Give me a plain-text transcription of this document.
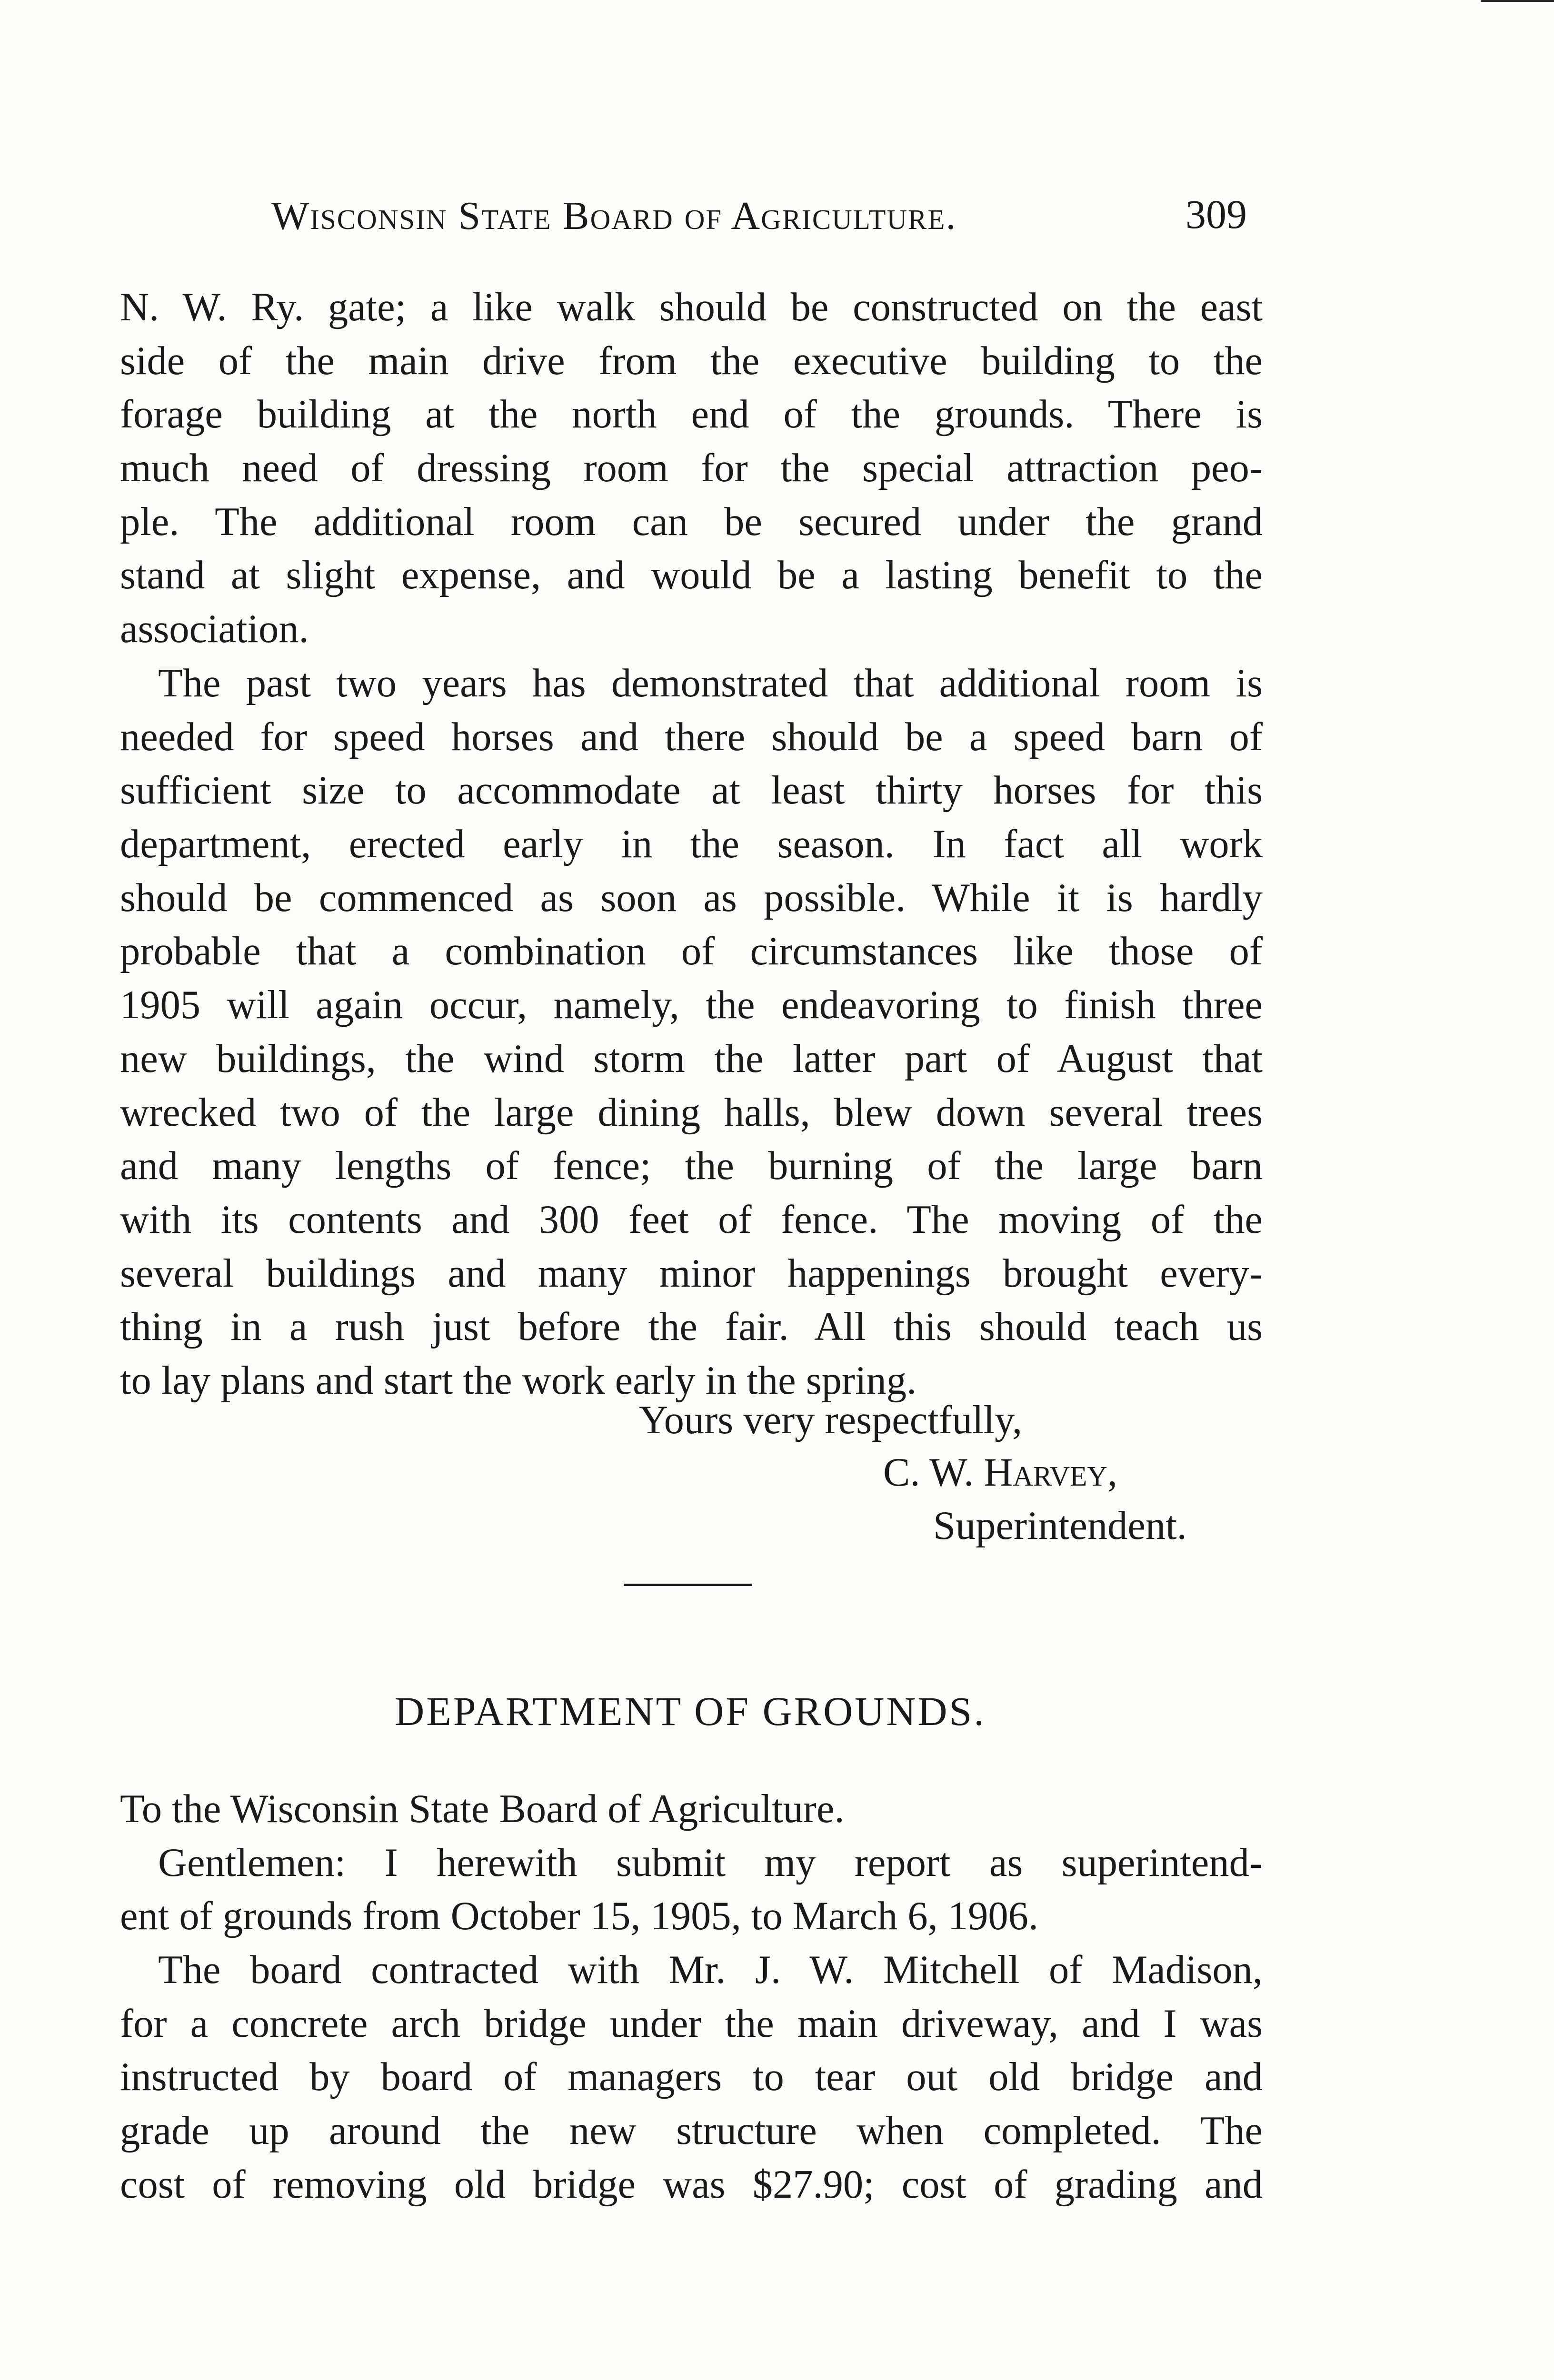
Wisconsin State Board of Agriculture.	309
N. W. Ry. gate; a like walk should be constructed on the east
side of the main drive from the executive building to the
forage building at the north end of the grounds. There is
much need of dressing room for the special attraction peo-
ple. The additional room can be secured under the grand
stand at slight expense, and would be a lasting benefit to the
association.
The past two years has demonstrated that additional room is
needed for speed horses and there should be a speed barn of
sufficient size to accommodate at least thirty horses for this
department, erected early in the season. In fact all work
should be commenced as soon as possible. While it is hardly
probable that a combination of circumstances like those of
1905 will again occur, namely, the endeavoring to finish three
new buildings, the wind storm the latter part of August that
wrecked two of the large dining halls, blew down several trees
and many lengths of fence; the burning of the large barn
with its contents and 300 feet of fence. The moving of the
several buildings and many minor happenings brought every-
thing in a rush just before the fair. All this should teach us
to lay plans and start the work early in the spring.
Yours very respectfully,
C. W. Harvey,
Superintendent.
DEPARTMENT OF GROUNDS.
To the Wisconsin State Board of Agriculture.
Gentlemen: I herewith submit my report as superintend-
ent of grounds from October 15, 1905, to March 6, 1906.
The board contracted with Mr. J. W. Mitchell of Madison,
for a concrete arch bridge under the main driveway, and I was
instructed by board of managers to tear out old bridge and
grade up around the new structure when completed. The
cost of removing old bridge was $27.90; cost of grading and
